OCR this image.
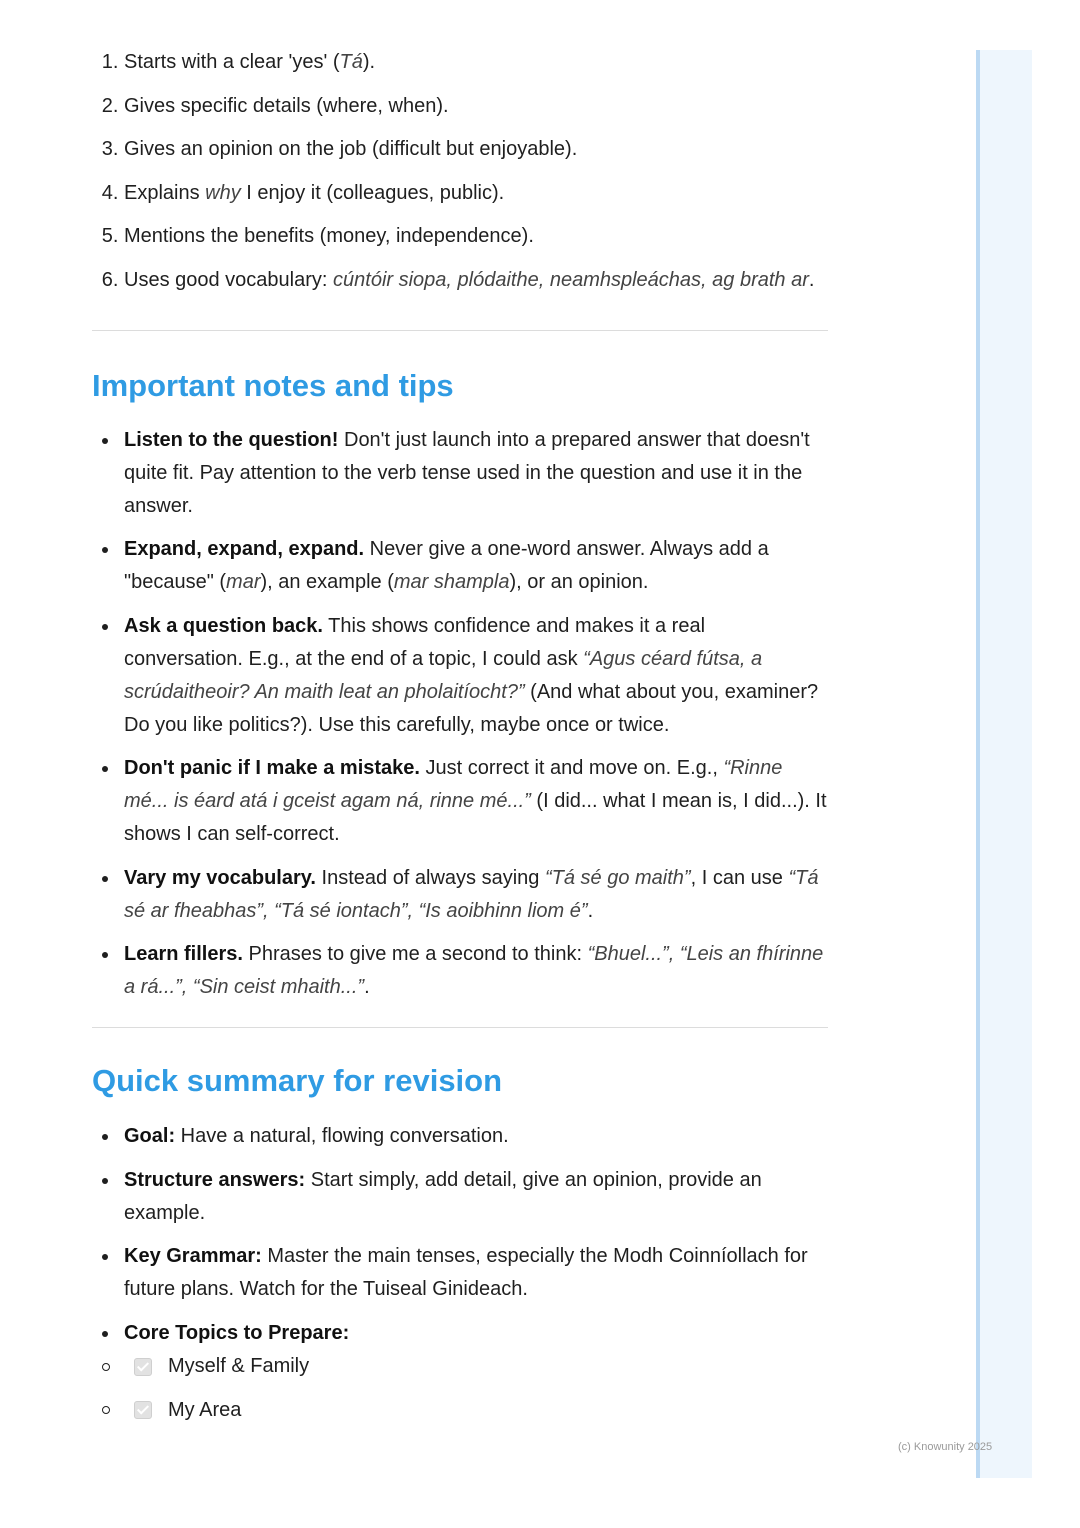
1. Starts with a clear 'yes' (Tá).
2. Gives specific details (where, when).
3. Gives an opinion on the job (difficult but enjoyable).
4. Explains why I enjoy it (colleagues, public).
5. Mentions the benefits (money, independence).
6. Uses good vocabulary: cúntóir siopa, plódaithe, neamhspleáchas, ag brath ar.
Important notes and tips
Listen to the question! Don't just launch into a prepared answer that doesn't quite fit. Pay attention to the verb tense used in the question and use it in the answer.
Expand, expand, expand. Never give a one-word answer. Always add a "because" (mar), an example (mar shampla), or an opinion.
Ask a question back. This shows confidence and makes it a real conversation. E.g., at the end of a topic, I could ask “Agus céard fútsa, a scrúdaitheoir? An maith leat an pholaitíocht?” (And what about you, examiner? Do you like politics?). Use this carefully, maybe once or twice.
Don't panic if I make a mistake. Just correct it and move on. E.g., “Rinne mé... is éard atá i gceist agam ná, rinne mé...” (I did... what I mean is, I did...). It shows I can self-correct.
Vary my vocabulary. Instead of always saying “Tá sé go maith”, I can use “Tá sé ar fheabhas”, “Tá sé iontach”, “Is aoibhinn liom é”.
Learn fillers. Phrases to give me a second to think: “Bhuel...”, “Leis an fhírinne a rá...”, “Sin ceist mhaith...”.
Quick summary for revision
Goal: Have a natural, flowing conversation.
Structure answers: Start simply, add detail, give an opinion, provide an example.
Key Grammar: Master the main tenses, especially the Modh Coinníollach for future plans. Watch for the Tuiseal Ginideach.
Core Topics to Prepare:
Myself & Family
My Area
(c) Knowunity 2025
